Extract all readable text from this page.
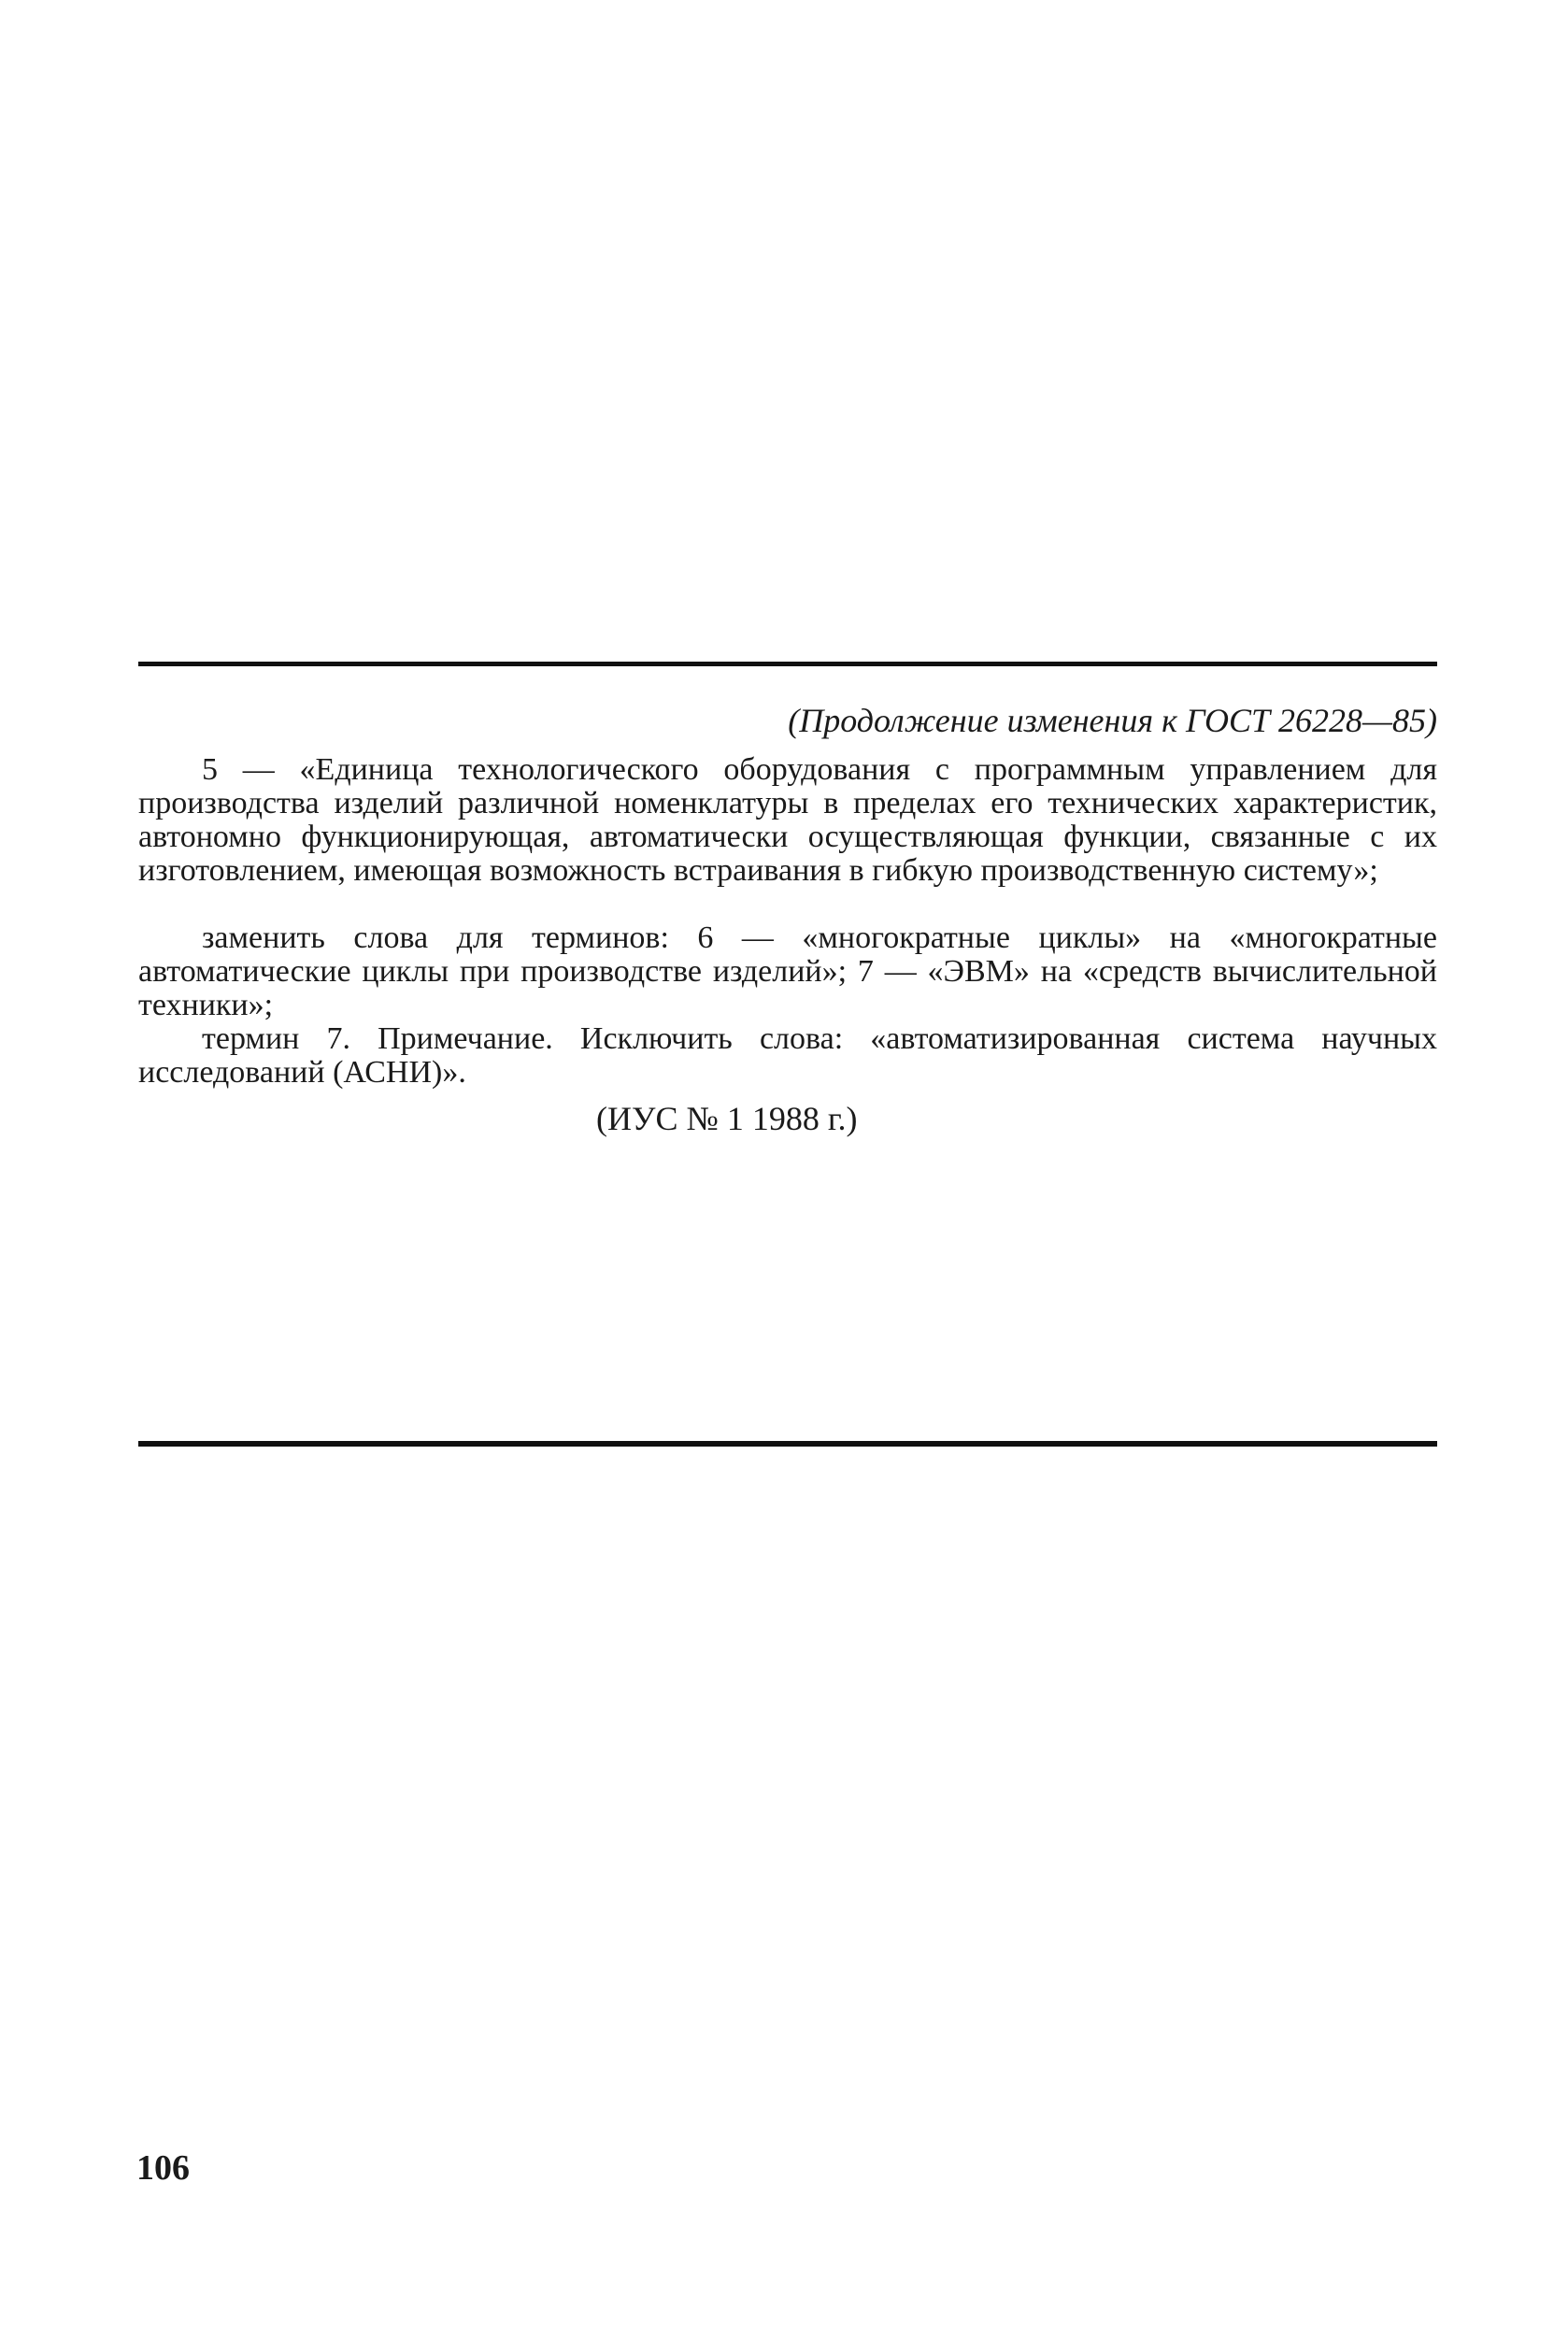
(Продолжение изменения к ГОСТ 26228—85)

5 — «Единица технологического оборудования с программным управлением для производства изделий различной номенклатуры в пределах его технических характеристик, автономно функционирующая, автоматически осуществляющая функции, связанные с их изготовлением, имеющая возможность встраивания в гибкую производственную систему»;

заменить слова для терминов: 6 — «многократные циклы» на «многократные автоматические циклы при производстве изделий»; 7 — «ЭВМ» на «средств вычислительной техники»;

термин 7. Примечание. Исключить слова: «автоматизированная система научных исследований (АСНИ)».

(ИУС № 1 1988 г.)
106
